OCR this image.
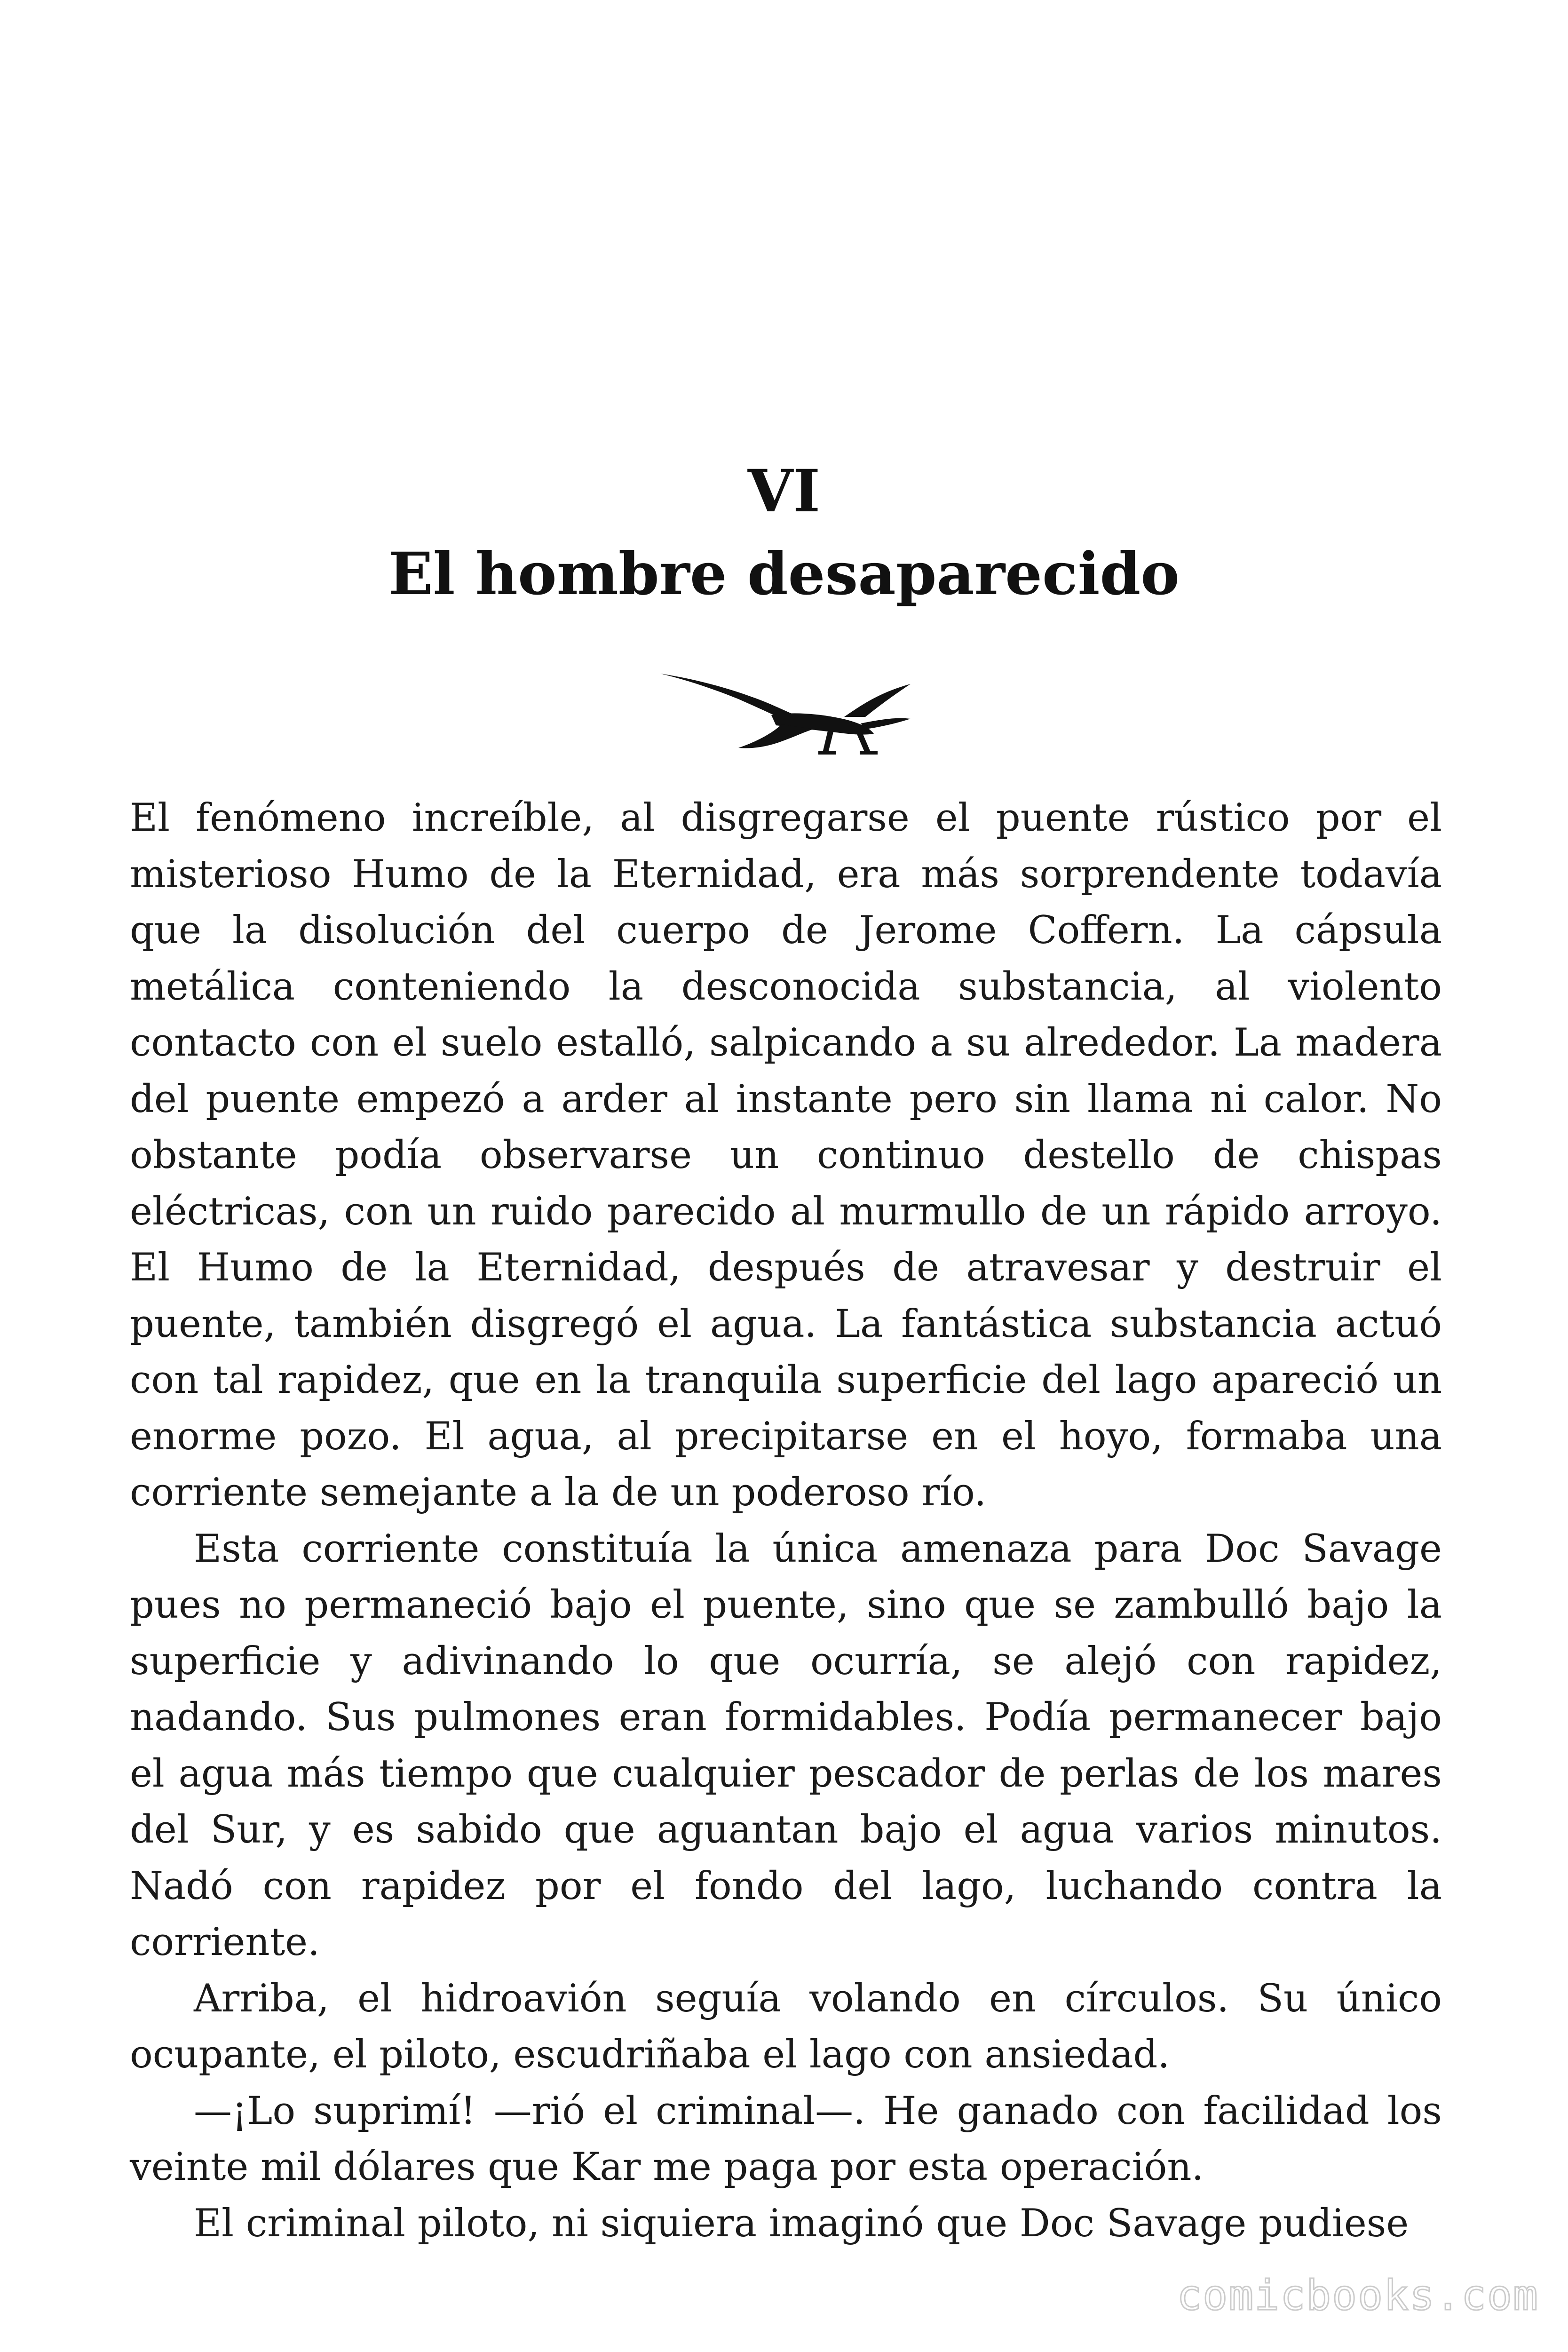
VI
El hombre desaparecido

El fenómeno increíble, al disgregarse el puente rústico por el misterioso Humo de la Eternidad, era más sorprendente todavía que la disolución del cuerpo de Jerome Coffern. La cápsula metálica conteniendo la desconocida substancia, al violento contacto con el suelo estalló, salpicando a su alrededor. La madera del puente empezó a arder al instante pero sin llama ni calor. No obstante podía observarse un continuo destello de chispas eléctricas, con un ruido parecido al murmullo de un rápido arroyo. El Humo de la Eternidad, después de atravesar y destruir el puente, también disgregó el agua. La fantástica substancia actuó con tal rapidez, que en la tranquila superficie del lago apareció un enorme pozo. El agua, al precipitarse en el hoyo, formaba una corriente semejante a la de un poderoso río.

Esta corriente constituía la única amenaza para Doc Savage pues no permaneció bajo el puente, sino que se zambulló bajo la superficie y adivinando lo que ocurría, se alejó con rapidez, nadando. Sus pulmones eran formidables. Podía permanecer bajo el agua más tiempo que cualquier pescador de perlas de los mares del Sur, y es sabido que aguantan bajo el agua varios minutos. Nadó con rapidez por el fondo del lago, luchando contra la corriente.

Arriba, el hidroavión seguía volando en círculos. Su único ocupante, el piloto, escudriñaba el lago con ansiedad.

—¡Lo suprimí! —rió el criminal—. He ganado con facilidad los veinte mil dólares que Kar me paga por esta operación.

El criminal piloto, ni siquiera imaginó que Doc Savage pudiese

comicbooks.com
